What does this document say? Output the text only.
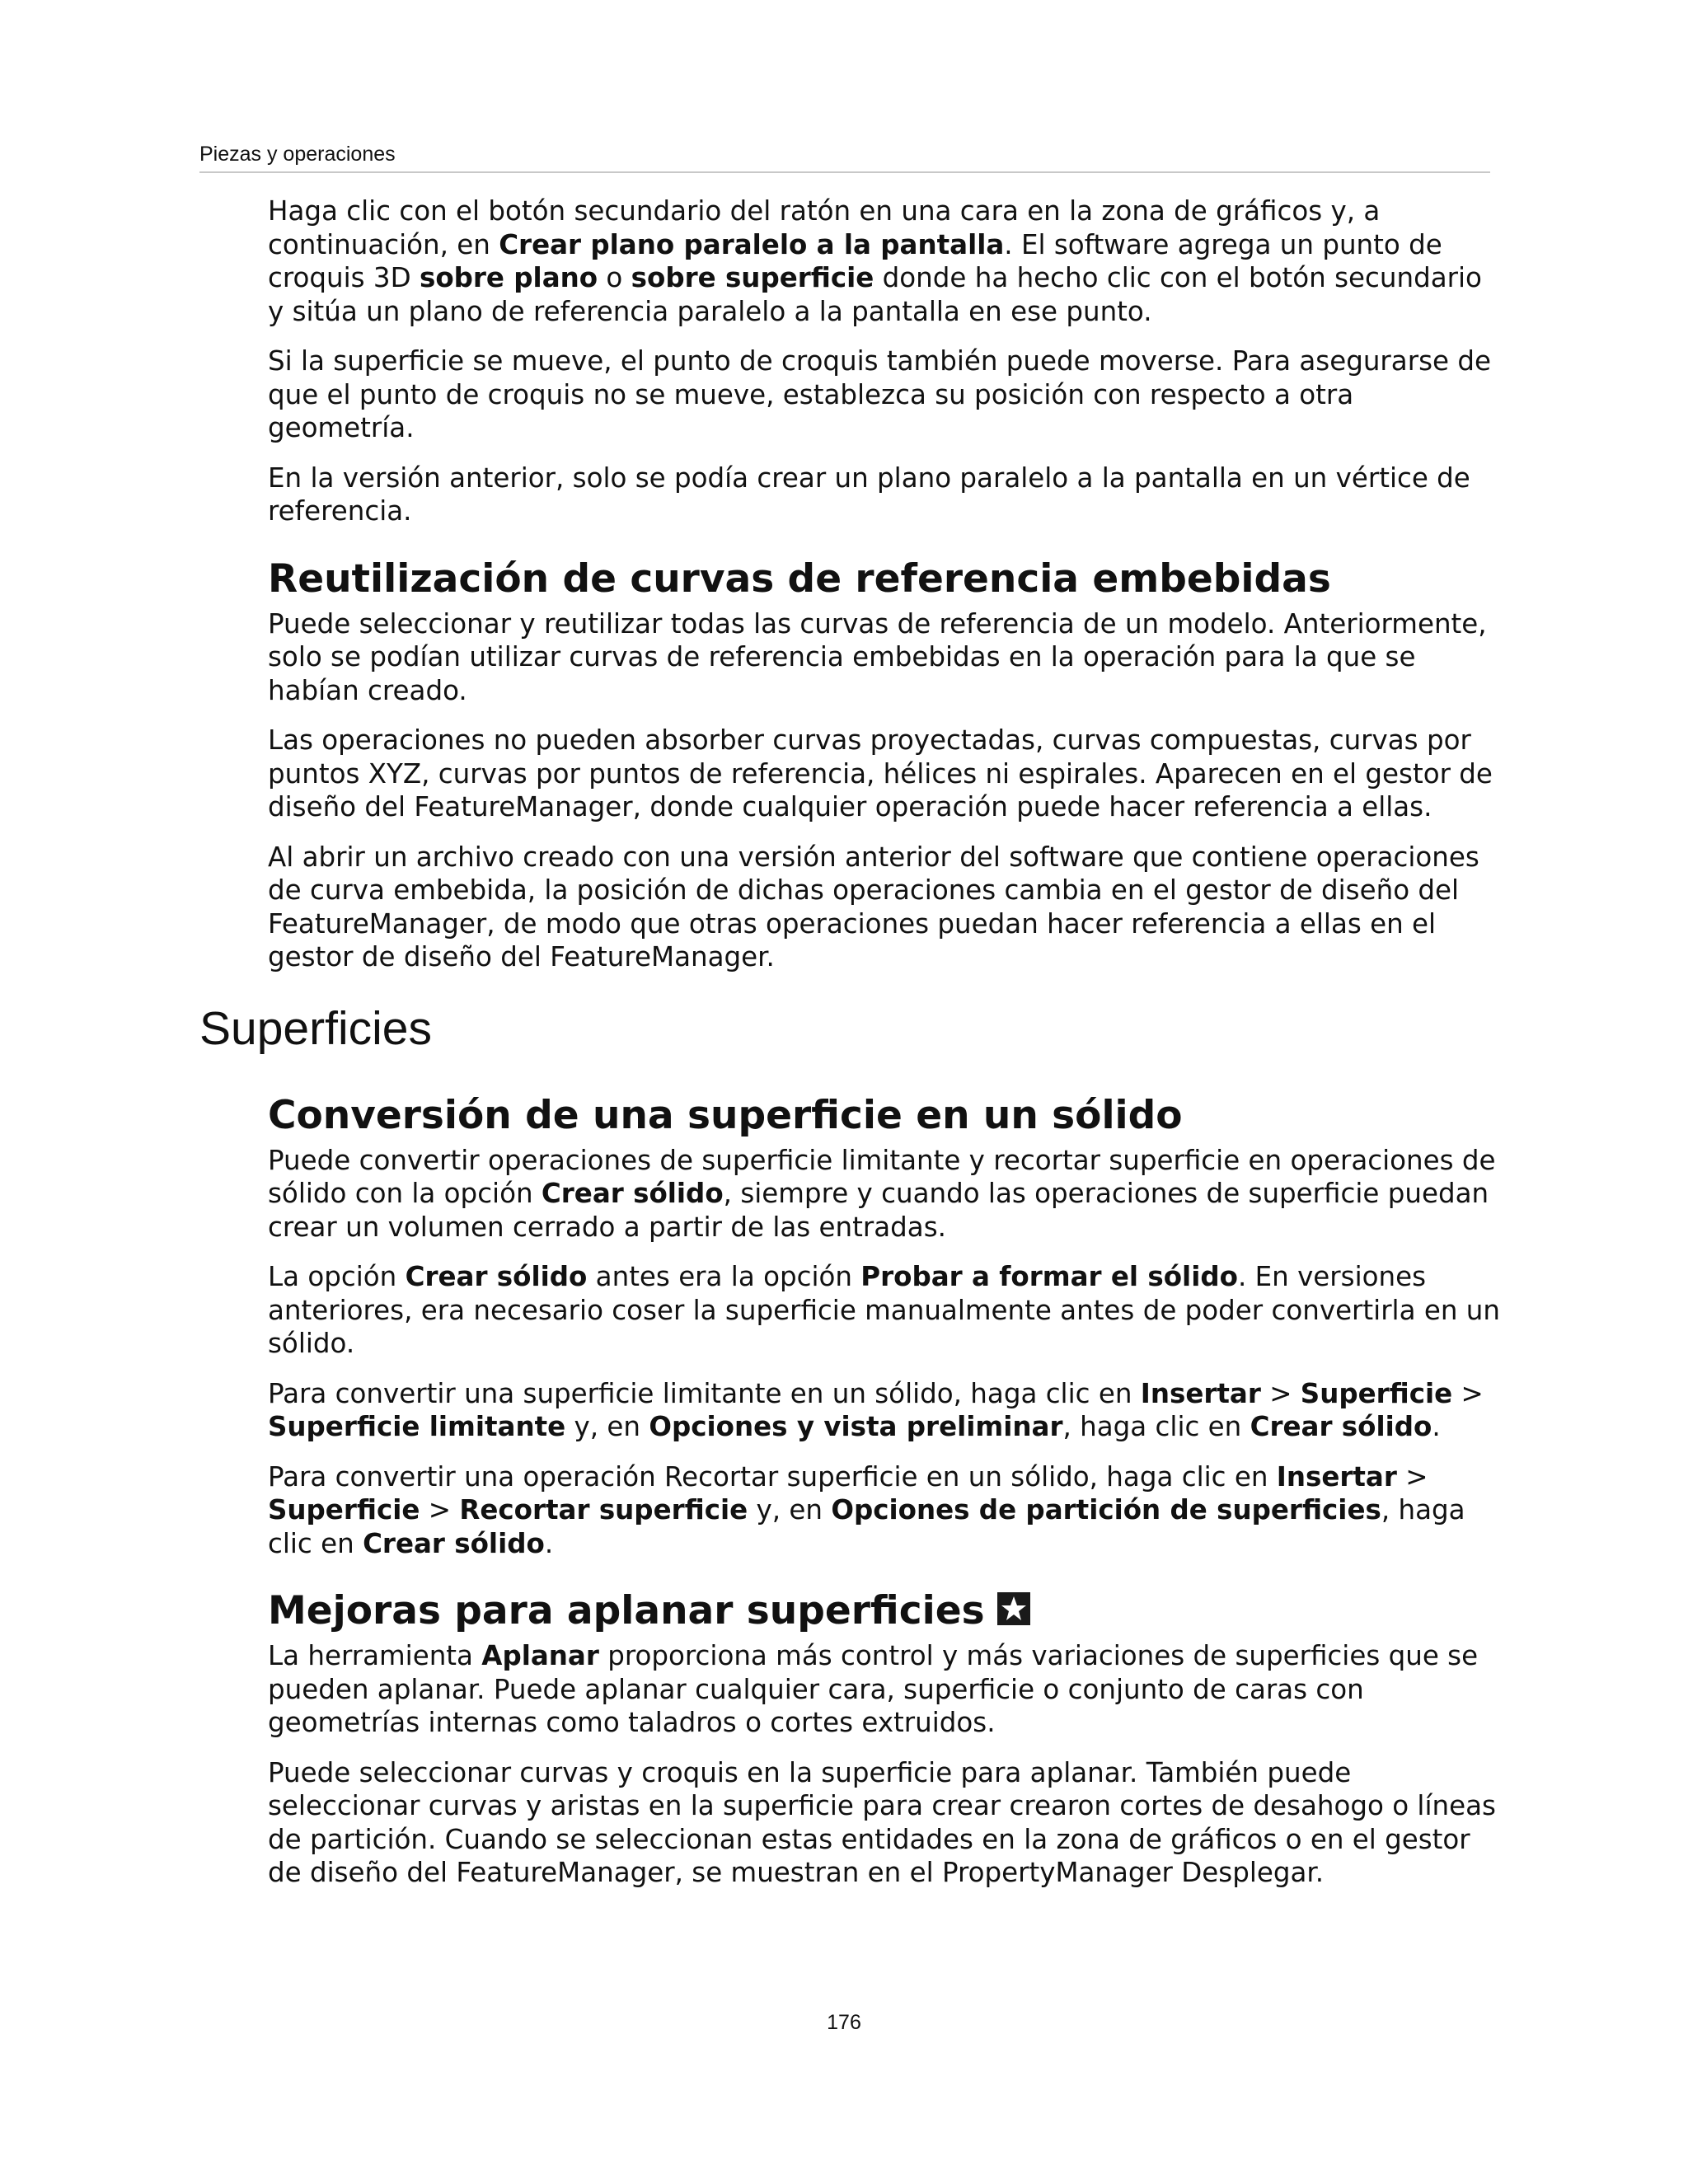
Piezas y operaciones

Haga clic con el botón secundario del ratón en una cara en la zona de gráficos y, a continuación, en Crear plano paralelo a la pantalla. El software agrega un punto de croquis 3D sobre plano o sobre superficie donde ha hecho clic con el botón secundario y sitúa un plano de referencia paralelo a la pantalla en ese punto.

Si la superficie se mueve, el punto de croquis también puede moverse. Para asegurarse de que el punto de croquis no se mueve, establezca su posición con respecto a otra geometría.

En la versión anterior, solo se podía crear un plano paralelo a la pantalla en un vértice de referencia.

Reutilización de curvas de referencia embebidas

Puede seleccionar y reutilizar todas las curvas de referencia de un modelo. Anteriormente, solo se podían utilizar curvas de referencia embebidas en la operación para la que se habían creado.

Las operaciones no pueden absorber curvas proyectadas, curvas compuestas, curvas por puntos XYZ, curvas por puntos de referencia, hélices ni espirales. Aparecen en el gestor de diseño del FeatureManager, donde cualquier operación puede hacer referencia a ellas.

Al abrir un archivo creado con una versión anterior del software que contiene operaciones de curva embebida, la posición de dichas operaciones cambia en el gestor de diseño del FeatureManager, de modo que otras operaciones puedan hacer referencia a ellas en el gestor de diseño del FeatureManager.

Superficies
Conversión de una superficie en un sólido

Puede convertir operaciones de superficie limitante y recortar superficie en operaciones de sólido con la opción Crear sólido, siempre y cuando las operaciones de superficie puedan crear un volumen cerrado a partir de las entradas.

La opción Crear sólido antes era la opción Probar a formar el sólido. En versiones anteriores, era necesario coser la superficie manualmente antes de poder convertirla en un sólido.

Para convertir una superficie limitante en un sólido, haga clic en Insertar > Superficie > Superficie limitante y, en Opciones y vista preliminar, haga clic en Crear sólido.

Para convertir una operación Recortar superficie en un sólido, haga clic en Insertar > Superficie > Recortar superficie y, en Opciones de partición de superficies, haga clic en Crear sólido.

Mejoras para aplanar superficies

La herramienta Aplanar proporciona más control y más variaciones de superficies que se pueden aplanar. Puede aplanar cualquier cara, superficie o conjunto de caras con geometrías internas como taladros o cortes extruidos.

Puede seleccionar curvas y croquis en la superficie para aplanar. También puede seleccionar curvas y aristas en la superficie para crear crearon cortes de desahogo o líneas de partición. Cuando se seleccionan estas entidades en la zona de gráficos o en el gestor de diseño del FeatureManager, se muestran en el PropertyManager Desplegar.

176
